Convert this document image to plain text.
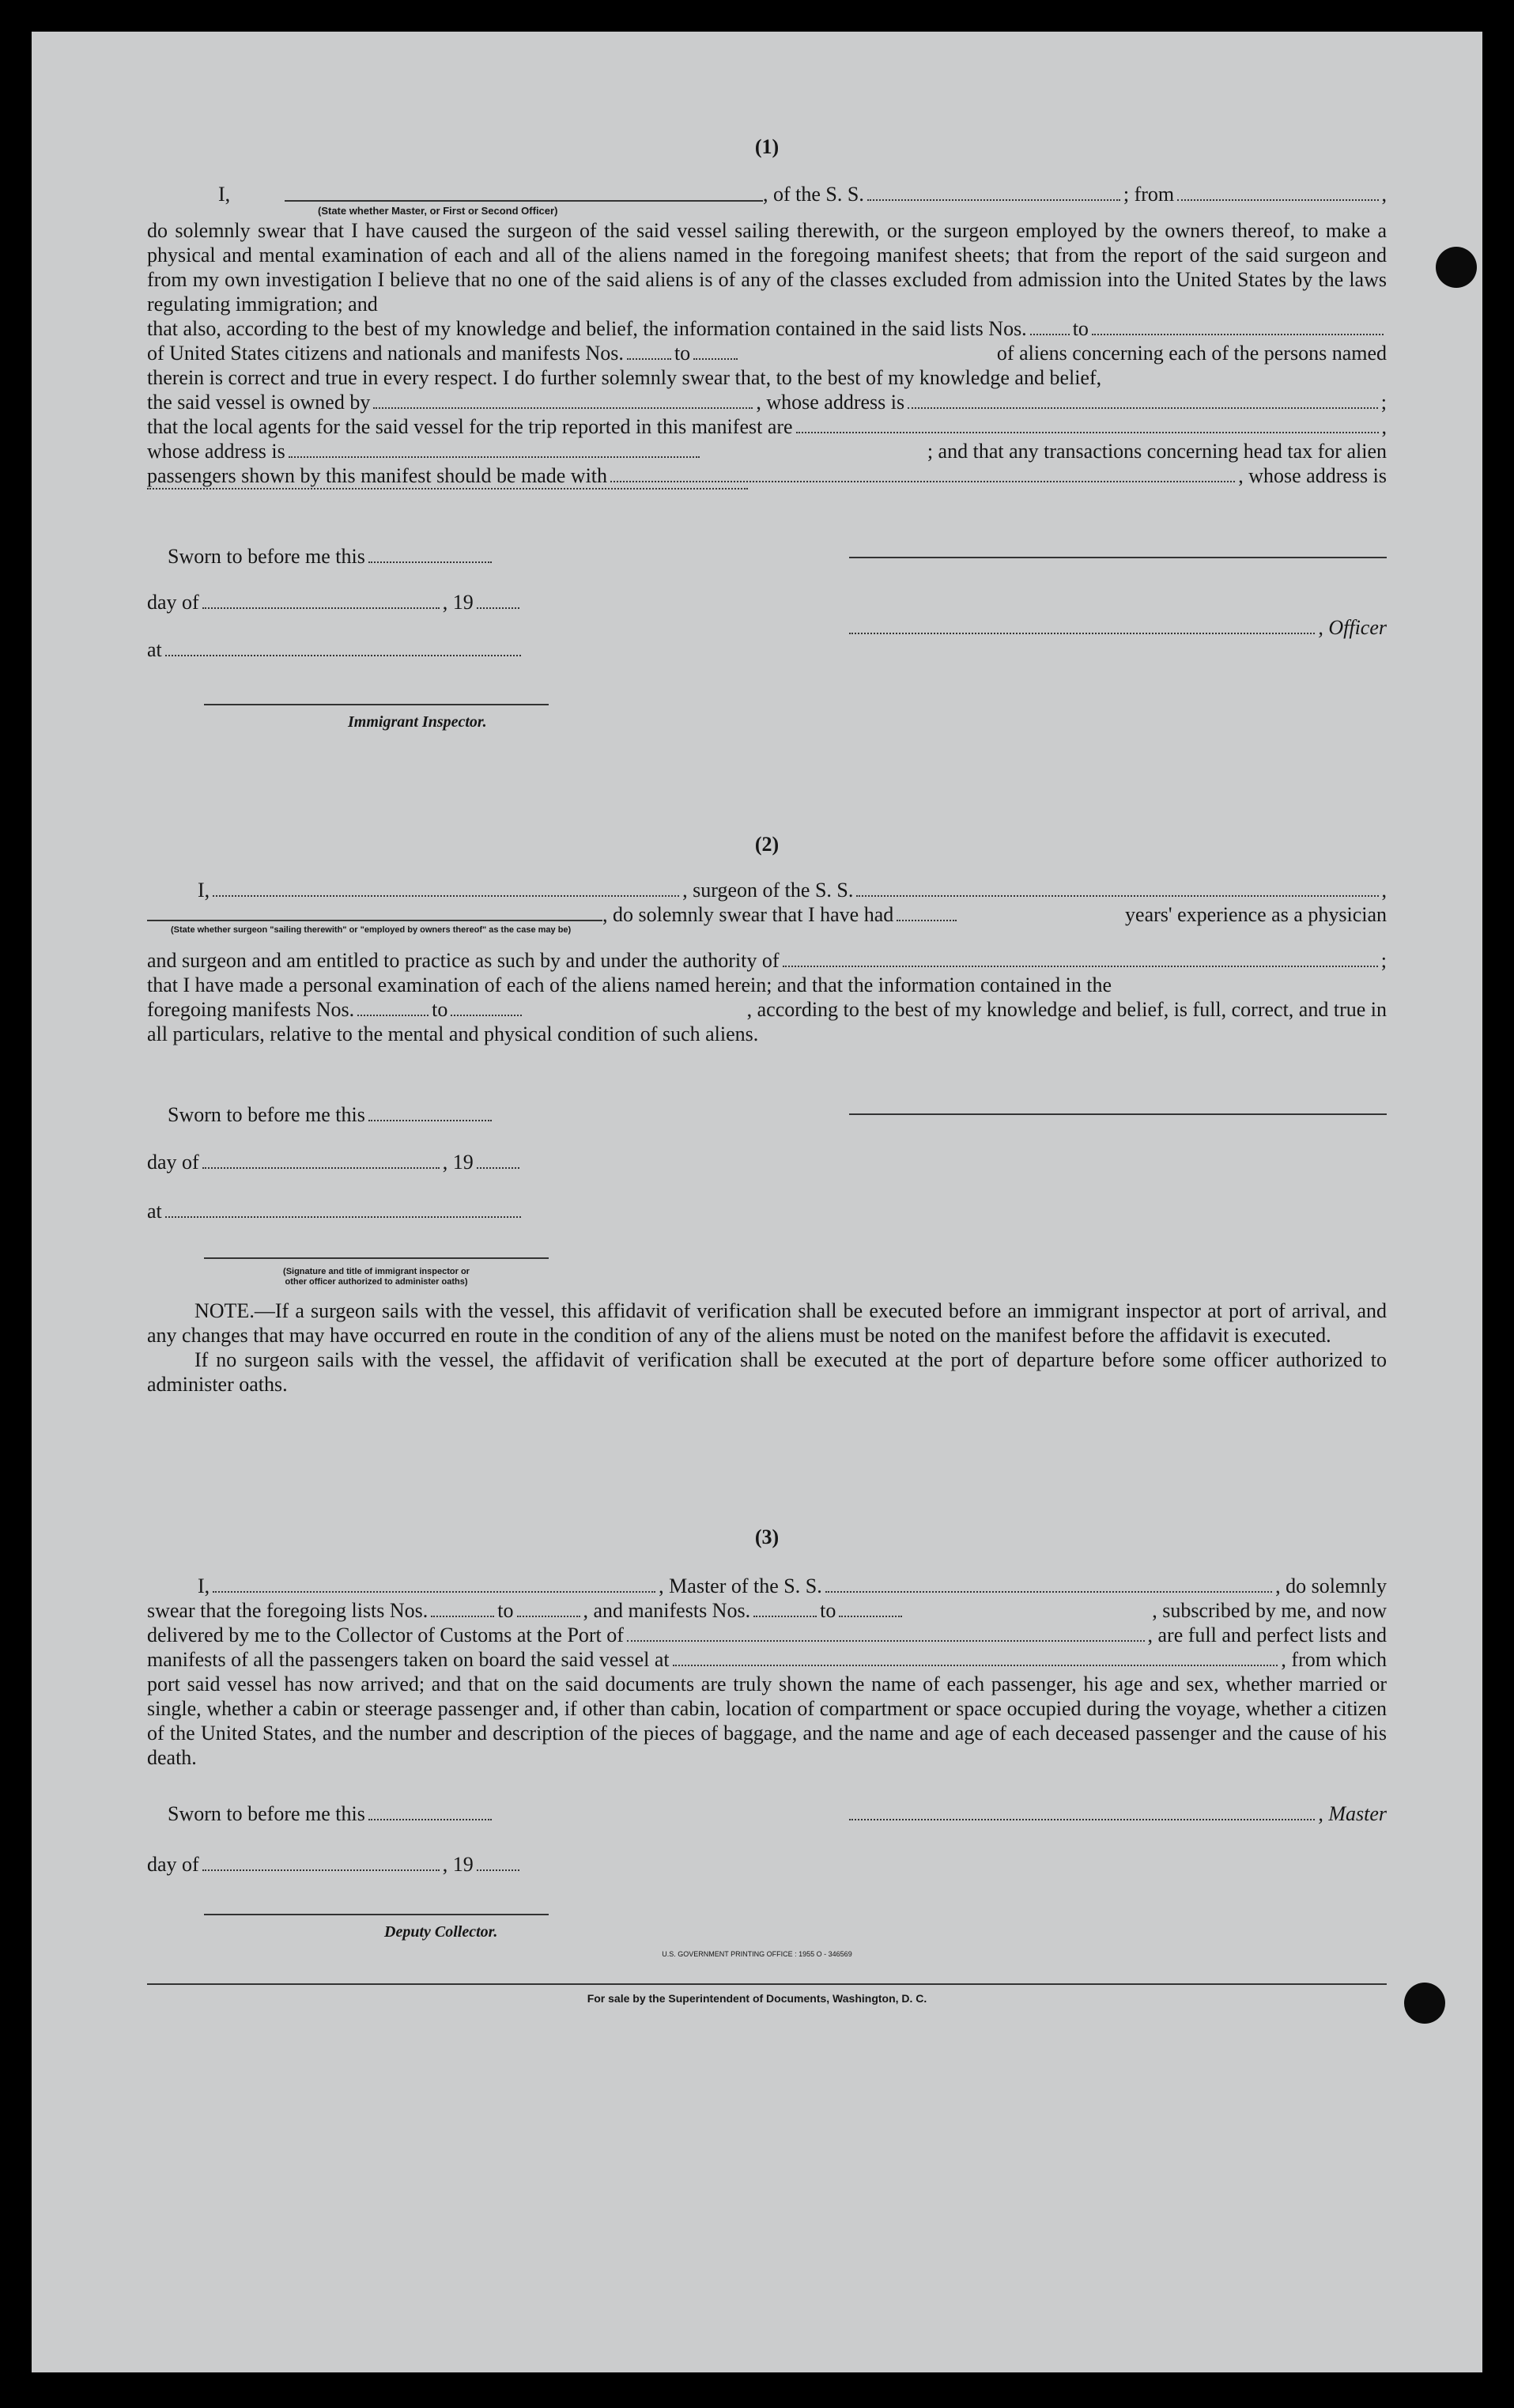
(1)
I,	, of the S. S.	; from	,
(State whether Master, or First or Second Officer)
do solemnly swear that I have caused the surgeon of the said vessel sailing therewith, or the surgeon employed by the owners thereof, to make a physical and mental examination of each and all of the aliens named in the foregoing manifest sheets; that from the report of the said surgeon and from my own investigation I believe that no one of the said aliens is of any of the classes excluded from admission into the United States by the laws regulating immigration; and
that also, according to the best of my knowledge and belief, the information contained in the said lists Nos. to
of United States citizens and nationals and manifests Nos. to	of aliens concerning each of the persons named
therein is correct and true in every respect. I do further solemnly swear that, to the best of my knowledge and belief,
the said vessel is owned by	, whose address is	;
that the local agents for the said vessel for the trip reported in this manifest are	,
whose address is	; and that any transactions concerning head tax for alien
passengers shown by this manifest should be made with	, whose address is
Sworn to before me this
day of	, 19
, Officer
at
Immigrant Inspector.
(2)
I,	, surgeon of the S. S.	,
, do solemnly swear that I have had	years' experience as a physician
(State whether surgeon "sailing therewith" or "employed by owners thereof" as the case may be)
and surgeon and am entitled to practice as such by and under the authority of	;
that I have made a personal examination of each of the aliens named herein; and that the information contained in the
foregoing manifests Nos.	to	, according to the best of my knowledge and belief, is full, correct, and true in
all particulars, relative to the mental and physical condition of such aliens.
Sworn to before me this
day of	, 19
at
(Signature and title of immigrant inspector or
other officer authorized to administer oaths)
NOTE.—If a surgeon sails with the vessel, this affidavit of verification shall be executed before an immigrant inspector at port of arrival, and any changes that may have occurred en route in the condition of any of the aliens must be noted on the manifest before the affidavit is executed.
If no surgeon sails with the vessel, the affidavit of verification shall be executed at the port of departure before some officer authorized to administer oaths.
(3)
I,	, Master of the S. S.	, do solemnly
swear that the foregoing lists Nos.	to	, and manifests Nos.	to	, subscribed by me, and now
delivered by me to the Collector of Customs at the Port of	, are full and perfect lists and
manifests of all the passengers taken on board the said vessel at	, from which
port said vessel has now arrived; and that on the said documents are truly shown the name of each passenger, his age and sex, whether married or single, whether a cabin or steerage passenger and, if other than cabin, location of compartment or space occupied during the voyage, whether a citizen of the United States, and the number and description of the pieces of baggage, and the name and age of each deceased passenger and the cause of his death.
Sworn to before me this	, Master
day of	, 19
Deputy Collector.
U.S. GOVERNMENT PRINTING OFFICE : 1955 O - 346569
For sale by the Superintendent of Documents, Washington, D. C.
